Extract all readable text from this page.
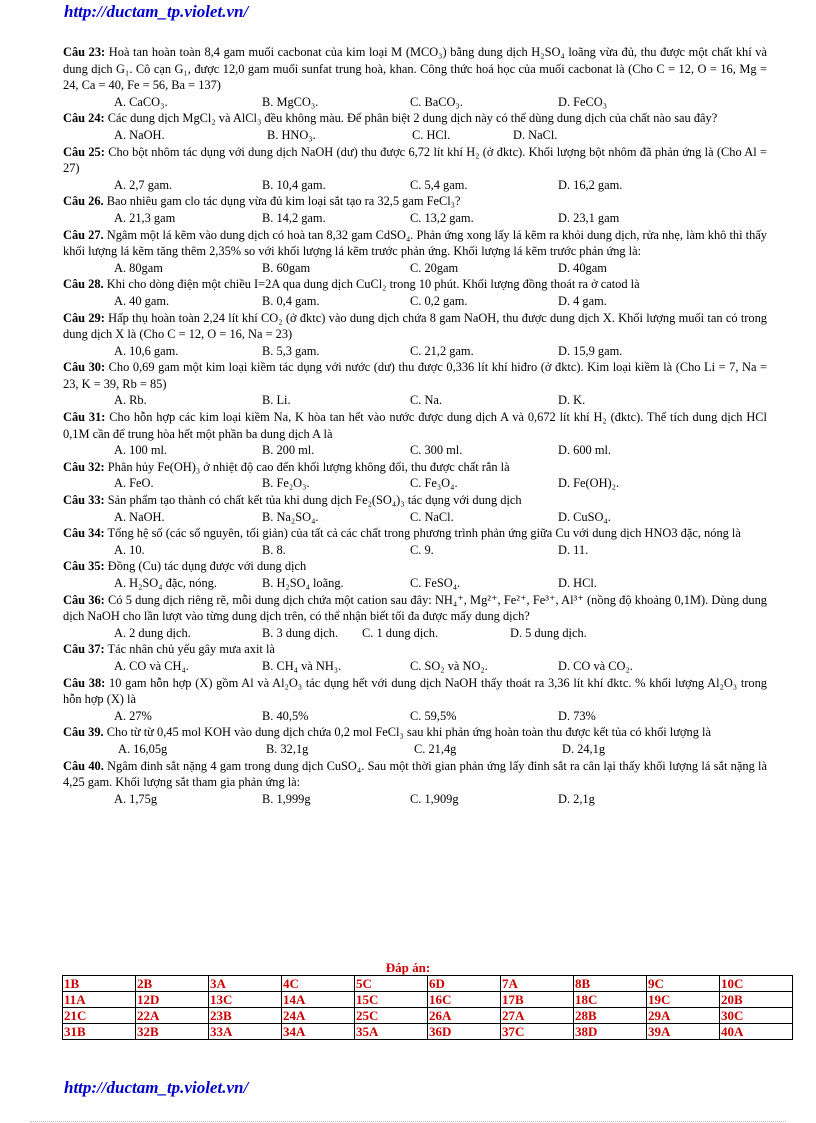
http://ductam_tp.violet.vn/

Câu 23: Hoà tan hoàn toàn 8,4 gam muối cacbonat của kim loại M (MCO₃) bằng dung dịch H₂SO₄ loãng vừa đủ, thu được một chất khí và dung dịch G₁. Cô cạn G₁, được 12,0 gam muối sunfat trung hoà, khan. Công thức hoá học của muối cacbonat là (Cho C = 12, O = 16, Mg = 24, Ca = 40, Fe = 56, Ba = 137)

A. CaCO₃.	B. MgCO₃.	C. BaCO₃.	D. FeCO₃

Câu 24: Các dung dịch MgCl₂ và AlCl₃ đều không màu. Để phân biệt 2 dung dịch này có thể dùng dung dịch của chất nào sau đây?

A. NaOH.	B. HNO₃.	C. HCl.	D. NaCl.

Câu 25: Cho bột nhôm tác dụng với dung dịch NaOH (dư) thu được 6,72 lít khí H₂ (ở đktc). Khối lượng bột nhôm đã phản ứng là (Cho Al = 27)

A. 2,7 gam.	B. 10,4 gam.	C. 5,4 gam.	D. 16,2 gam.

Câu 26. Bao nhiêu gam clo tác dụng vừa đủ kim loại sắt tạo ra 32,5 gam FeCl₃?

A. 21,3 gam	B. 14,2 gam.	C. 13,2 gam.	D. 23,1 gam

Câu 27. Ngâm một lá kẽm vào dung dịch có hoà tan 8,32 gam CdSO₄. Phản ứng xong lấy lá kẽm ra khỏi dung dịch, rửa nhẹ, làm khô thì thấy khối lượng lá kẽm tăng thêm 2,35% so với khối lượng lá kẽm trước phản ứng. Khối lượng lá kẽm trước phản ứng là:

A. 80gam	B. 60gam	C. 20gam	D. 40gam

Câu 28. Khi cho dòng điện một chiều I=2A qua dung dịch CuCl₂ trong 10 phút. Khối lượng đồng thoát ra ở catod là

A. 40 gam.	B. 0,4 gam.	C. 0,2 gam.	D. 4 gam.

Câu 29: Hấp thụ hoàn toàn 2,24 lít khí CO₂ (ở đktc) vào dung dịch chứa 8 gam NaOH, thu được dung dịch X. Khối lượng muối tan có trong dung dịch X là (Cho C = 12, O = 16, Na = 23)

A. 10,6 gam.	B. 5,3 gam.	C. 21,2 gam.	D. 15,9 gam.

Câu 30: Cho 0,69 gam một kim loại kiềm tác dụng với nước (dư) thu được 0,336 lít khí hiđro (ở đktc). Kim loại kiềm là (Cho Li = 7, Na = 23, K = 39, Rb = 85)

A. Rb.	B. Li.	C. Na.	D. K.

Câu 31: Cho hỗn hợp các kim loại kiềm Na, K hòa tan hết vào nước được dung dịch A và 0,672 lít khí H₂ (đktc). Thể tích dung dịch HCl 0,1M cần để trung hòa hết một phần ba dung dịch A là

A. 100 ml.	B. 200 ml.	C. 300 ml.	D. 600 ml.

Câu 32: Phân hủy Fe(OH)₃ ở nhiệt độ cao đến khối lượng không đổi, thu được chất rắn là

A. FeO.	B. Fe₂O₃.	C. Fe₃O₄.	D. Fe(OH)₂.

Câu 33: Sản phẩm tạo thành có chất kết tủa khi dung dịch Fe₂(SO₄)₃ tác dụng với dung dịch

A. NaOH.	B. Na₂SO₄.	C. NaCl.	D. CuSO₄.

Câu 34: Tổng hệ số (các số nguyên, tối giản) của tất cả các chất trong phương trình phản ứng giữa Cu với dung dịch HNO3 đặc, nóng là

A. 10.	B. 8.	C. 9.	D. 11.

Câu 35: Đồng (Cu) tác dụng được với dung dịch

A. H₂SO₄ đặc, nóng.	B. H₂SO₄ loãng.	C. FeSO₄.	D. HCl.

Câu 36: Có 5 dung dịch riêng rẽ, mỗi dung dịch chứa một cation sau đây: NH₄⁺, Mg²⁺, Fe²⁺, Fe³⁺, Al³⁺ (nồng độ khoảng 0,1M). Dùng dung dịch NaOH cho lần lượt vào từng dung dịch trên, có thể nhận biết tối đa được mấy dung dịch?

A. 2 dung dịch.	B. 3 dung dịch.	C. 1 dung dịch.	D. 5 dung dịch.

Câu 37: Tác nhân chủ yếu gây mưa axit là

A. CO và CH₄.	B. CH₄ và NH₃.	C. SO₂ và NO₂.	D. CO và CO₂.

Câu 38: 10 gam hỗn hợp (X) gồm Al và Al₂O₃ tác dụng hết với dung dịch NaOH thấy thoát ra 3,36 lít khí đktc. % khối lượng Al₂O₃ trong hỗn hợp (X) là

A. 27%	B. 40,5%	C. 59,5%	D. 73%

Câu 39. Cho từ từ 0,45 mol KOH vào dung dịch chứa 0,2 mol FeCl₃ sau khi phản ứng hoàn toàn thu được kết tủa có khối lượng là

A. 16,05g	B. 32,1g	C. 21,4g	D. 24,1g

Câu 40. Ngâm đinh sắt nặng 4 gam trong dung dịch CuSO₄. Sau một thời gian phản ứng lấy đinh sắt ra cân lại thấy khối lượng lá sắt nặng là 4,25 gam. Khối lượng sắt tham gia phản ứng là:

A. 1,75g	B. 1,999g	C. 1,909g	D. 2,1g
Đáp án:
1B	2B	3A	4C	5C	6D	7A	8B	9C	10C
11A	12D	13C	14A	15C	16C	17B	18C	19C	20B
21C	22A	23B	24A	25C	26A	27A	28B	29A	30C
31B	32B	33A	34A	35A	36D	37C	38D	39A	40A
http://ductam_tp.violet.vn/
